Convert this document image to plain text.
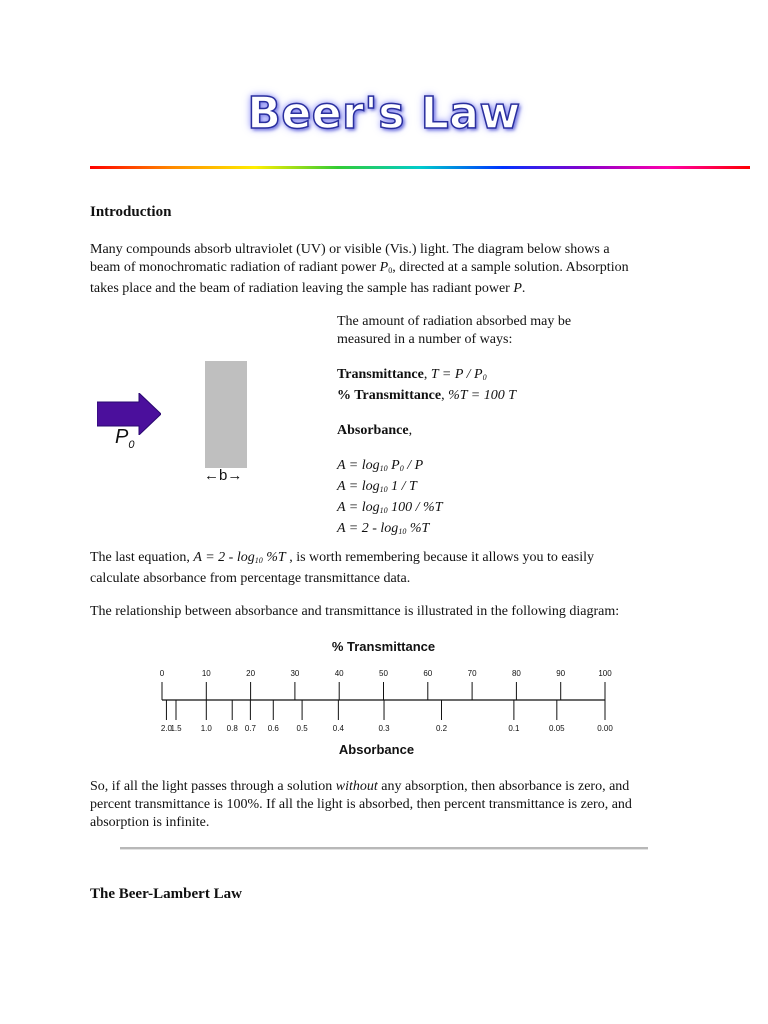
Beer's Law
Introduction
Many compounds absorb ultraviolet (UV) or visible (Vis.) light. The diagram below shows a
beam of monochromatic radiation of radiant power $P_0$, directed at a sample solution. Absorption
takes place and the beam of radiation leaving the sample has radiant power P.
$P_0$
←b→
The amount of radiation absorbed may be
measured in a number of ways:
Transmittance, $T = P / P_0$
% Transmittance, %T = 100 T
Absorbance,
$A = \log_{10} P_0 / P$
$A = \log_{10} 1 / T$
$A = \log_{10} 100 / \%T$
$A = 2 - \log_{10} \%T$
The last equation, $A = 2 - \log_{10} \%T$ , is worth remembering because it allows you to easily
calculate absorbance from percentage transmittance data.
The relationship between absorbance and transmittance is illustrated in the following diagram:
% Transmittance
0	10	20	30	40	50	60	70	80	90	100
2.0
1.5 1.0 0.8 0.7 0.6 0.5	0.4	0.3	0.2	0.1	0.05	0.00
Absorbance
So, if all the light passes through a solution without any absorption, then absorbance is zero, and
percent transmittance is 100%. If all the light is absorbed, then percent transmittance is zero, and
absorption is infinite.
The Beer-Lambert Law
